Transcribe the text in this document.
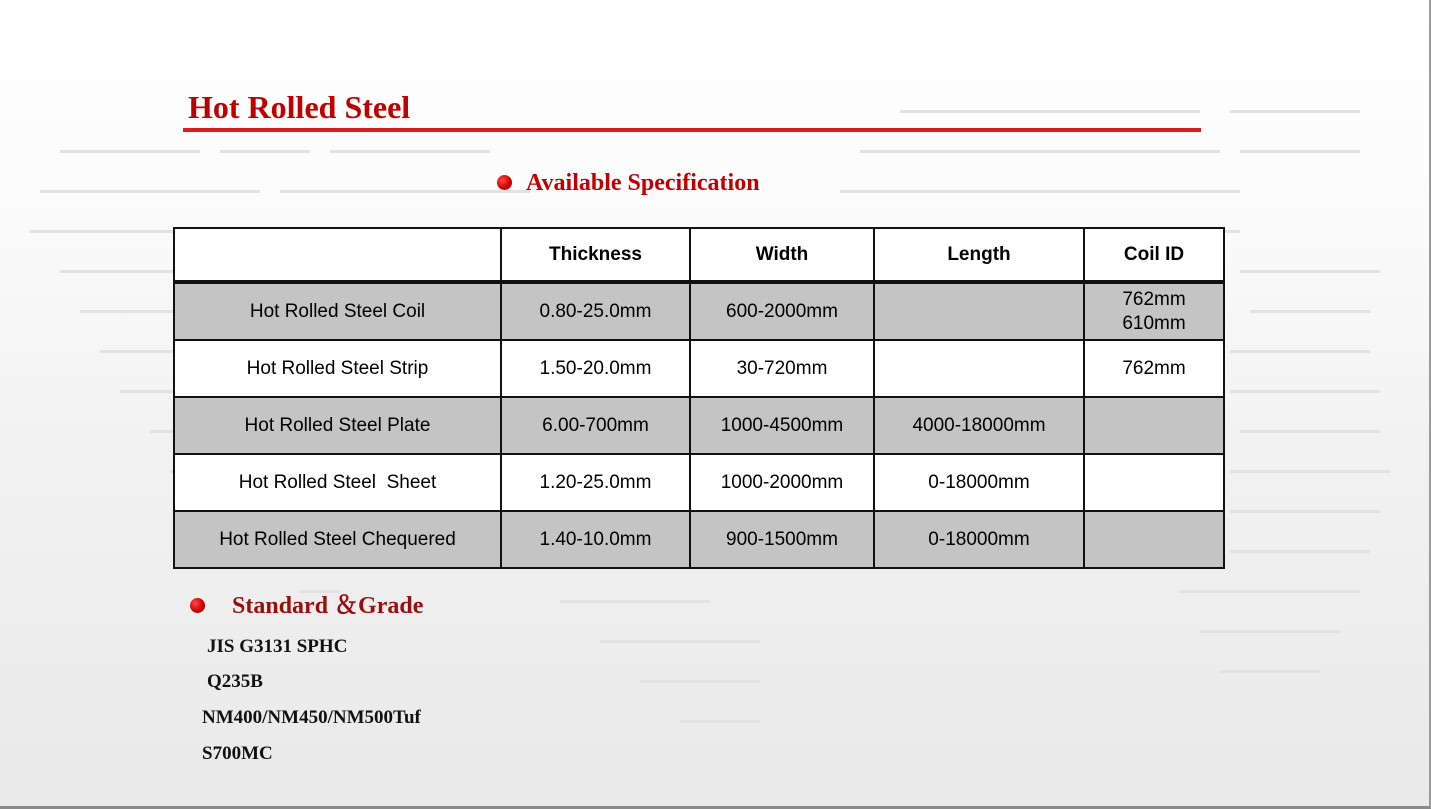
Hot Rolled Steel
Available Specification
	Thickness	Width	Length	Coil ID
Hot Rolled Steel Coil	0.80-25.0mm	600-2000mm		762mm
610mm
Hot Rolled Steel Strip	1.50-20.0mm	30-720mm		762mm
Hot Rolled Steel Plate	6.00-700mm	1000-4500mm	4000-18000mm	
Hot Rolled Steel  Sheet	1.20-25.0mm	1000-2000mm	0-18000mm	
Hot Rolled Steel Chequered	1.40-10.0mm	900-1500mm	0-18000mm	
Standard ＆Grade

JIS G3131 SPHC

Q235B

NM400/NM450/NM500Tuf

S700MC
